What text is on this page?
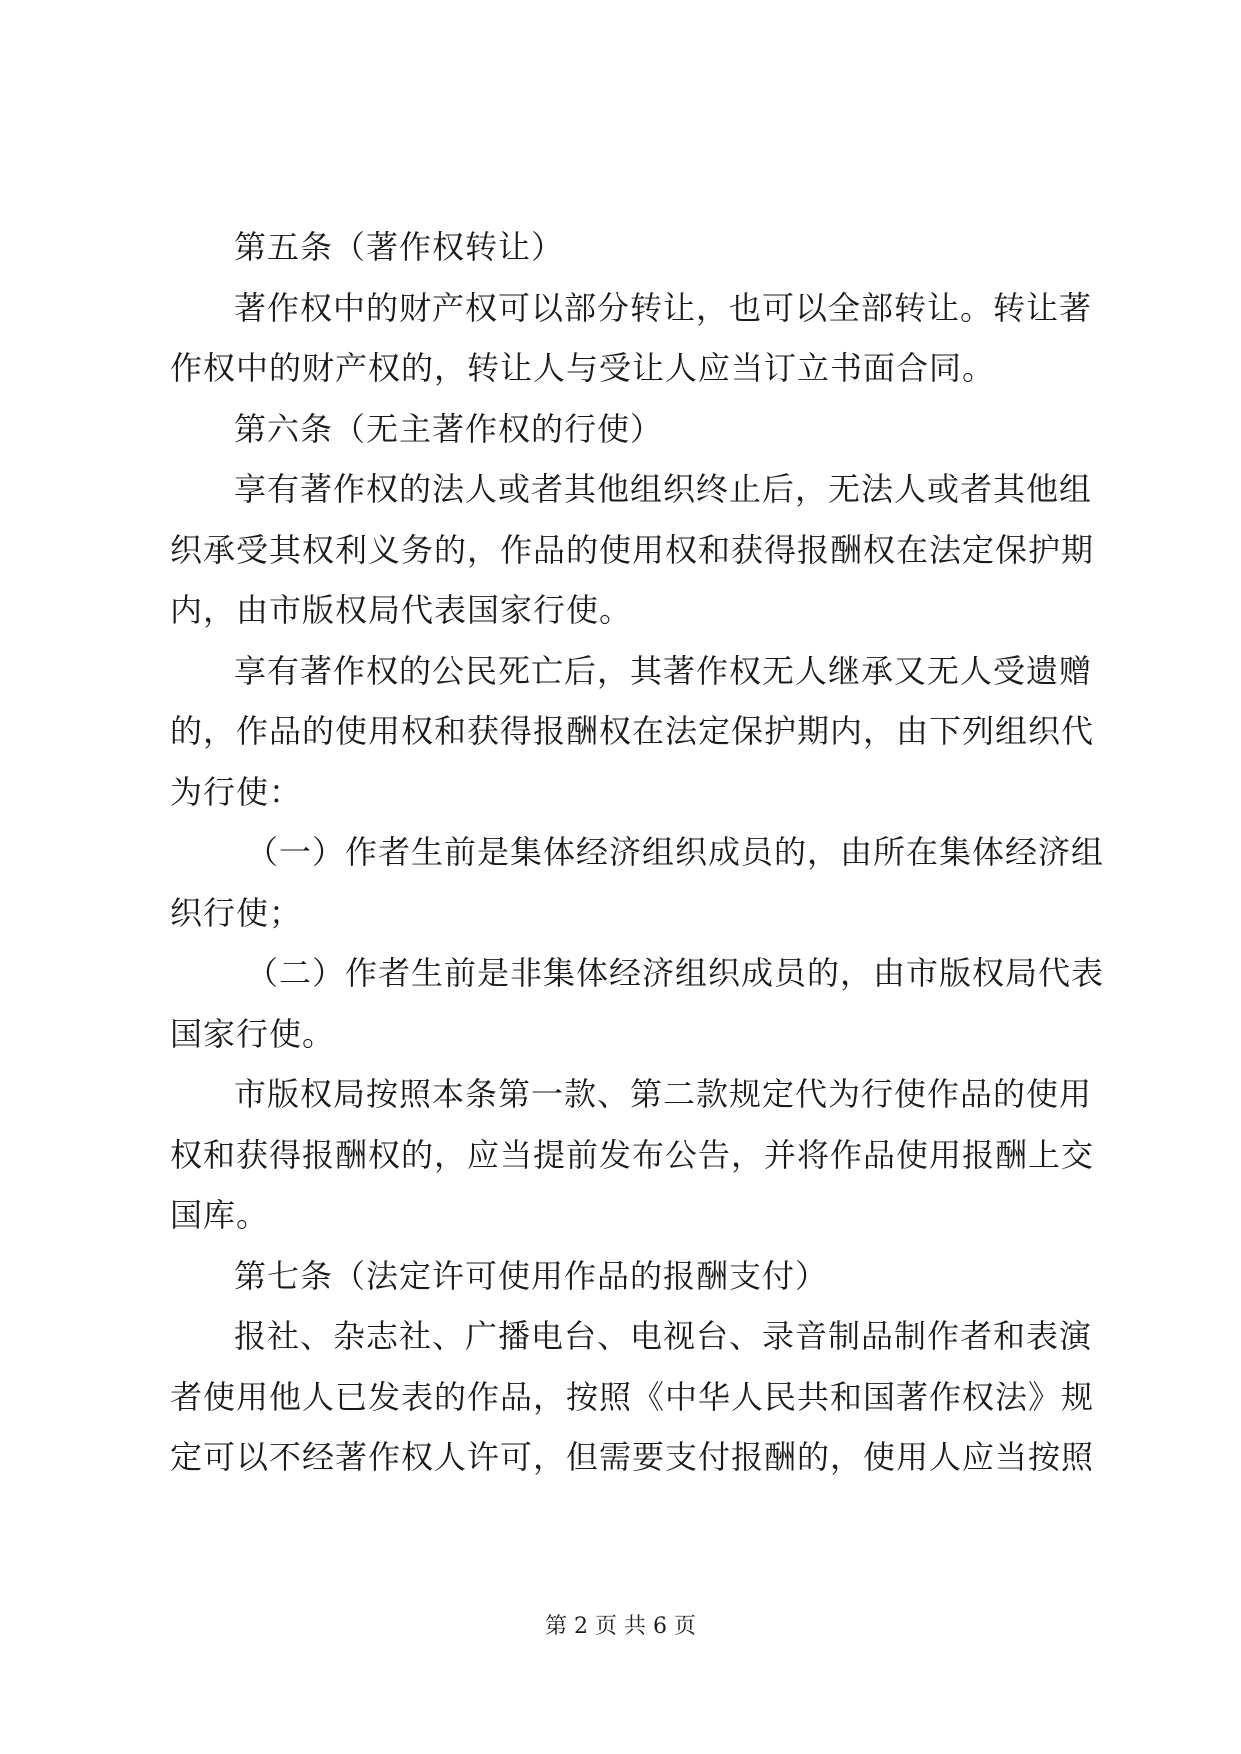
第五条（著作权转让）

著作权中的财产权可以部分转让，也可以全部转让。转让著

作权中的财产权的，转让人与受让人应当订立书面合同。

第六条（无主著作权的行使）

享有著作权的法人或者其他组织终止后，无法人或者其他组

织承受其权利义务的，作品的使用权和获得报酬权在法定保护期

内，由市版权局代表国家行使。

享有著作权的公民死亡后，其著作权无人继承又无人受遗赠

的，作品的使用权和获得报酬权在法定保护期内，由下列组织代

为行使：

（一）作者生前是集体经济组织成员的，由所在集体经济组

织行使；

（二）作者生前是非集体经济组织成员的，由市版权局代表

国家行使。

市版权局按照本条第一款、第二款规定代为行使作品的使用

权和获得报酬权的，应当提前发布公告，并将作品使用报酬上交

国库。

第七条（法定许可使用作品的报酬支付）

报社、杂志社、广播电台、电视台、录音制品制作者和表演

者使用他人已发表的作品，按照《中华人民共和国著作权法》规

定可以不经著作权人许可，但需要支付报酬的，使用人应当按照

第 2 页 共 6 页
